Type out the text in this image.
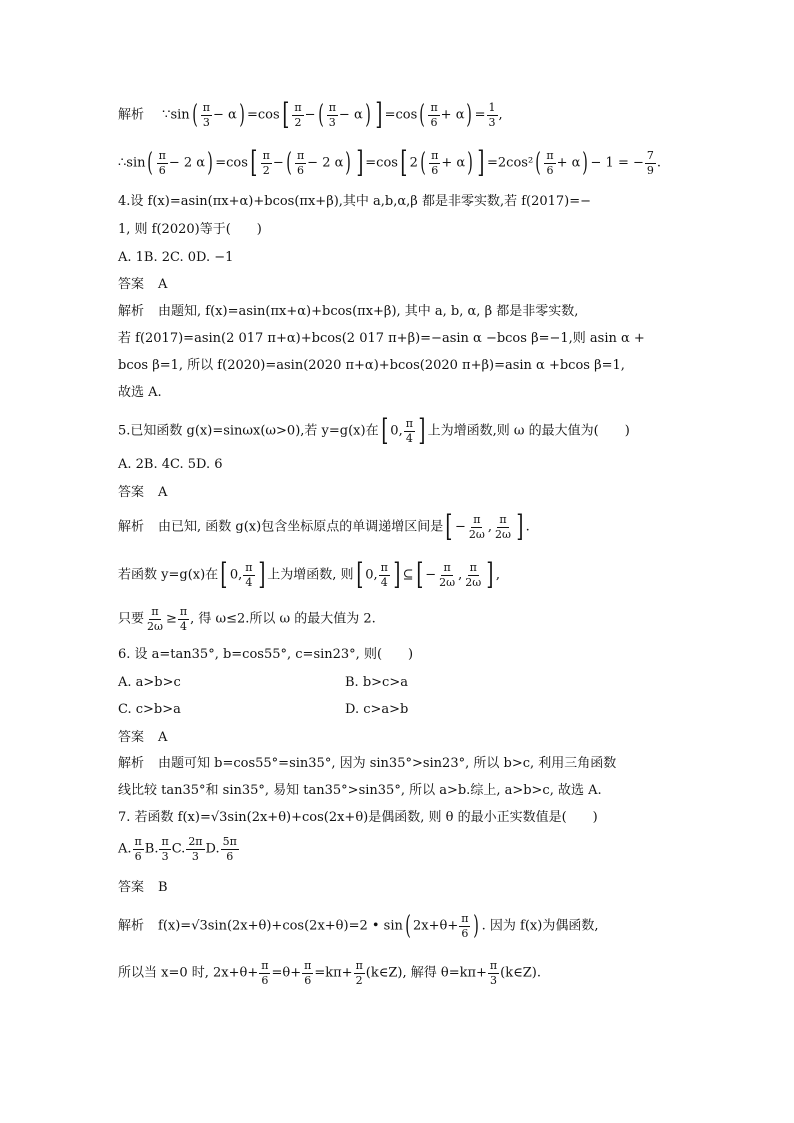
解析 ∵sin( $\frac{\pi}{3} - \alpha) =\cos[ \frac{\pi}{2}$ −( $\frac{\pi}{3} - \alpha$) ] $=\cos( \frac{\pi}{6} + \alpha) = \frac{1}{3}$ ,
∴sin( $\frac{\pi}{6} - 2$ $\alpha) =\cos[ \frac{\pi}{2}$ −( $\frac{\pi}{6} - 2$ α) ] =cos[ $2( \frac{\pi}{6} + \alpha)$ ] $=2\cos^2( \frac{\pi}{6} + \alpha) - 1$ = − $\frac{7}{9}$ .
4.设 f(x)=asin(πx+α)+bcos(πx+β),其中 a,b,α,β 都是非零实数,若 f(2017)=−
1, 则 f(2020)等于(　　)
A. 1B. 2C. 0D. −1
答案 A
解析 由题知, f(x)=asin(πx+α)+bcos(πx+β), 其中 a, b, α, β 都是非零实数,
若 f(2017)=asin(2 017 π+α)+bcos(2 017 π+β)=−asin α −bcos β=−1,则 asin α +
bcos β=1, 所以 f(2020)=asin(2020 π+α)+bcos(2020 π+β)=asin α +bcos β=1,
故选 A.
5.已知函数 g(x)=sinωx(ω>0),若 y=g(x)在[ 0, $\frac{\pi}{4}$ ] 上为增函数,则 ω 的最大值为(　　)
A. 2B. 4C. 5D. 6
答案 A
解析 由已知, 函数 g(x)包含坐标原点的单调递增区间是[ − $\frac{\pi}{2\omega}$ , $\frac{\pi}{2\omega}$ ] .
若函数 y=g(x)在[ 0, $\frac{\pi}{4}$ ] 上为增函数, 则[ 0, $\frac{\pi}{4}$ ] ⊆[ − $\frac{\pi}{2\omega}$ , $\frac{\pi}{2\omega}$ ] ,
只要 $\frac{\pi}{2\omega} \ge \frac{\pi}{4}$ , 得 ω≤2.所以 ω 的最大值为 2.
6. 设 a=tan35°, b=cos55°, c=sin23°, 则(　　)
A. a>b>c	B. b>c>a
C. c>b>a	D. c>a>b
答案 A
解析 由题可知 b=cos55°=sin35°, 因为 sin35°>sin23°, 所以 b>c, 利用三角函数
线比较 tan35°和 sin35°, 易知 tan35°>sin35°, 所以 a>b.综上, a>b>c, 故选 A.
7. 若函数 f(x)=√3sin(2x+θ)+cos(2x+θ)是偶函数, 则 θ 的最小正实数值是(　　)
A. $\frac{\pi}{6} B$. $\frac{\pi}{3} C$. $\frac{2\pi}{3} D$. $\frac{5\pi}{6}$
答案 B
解析 f(x)=√3sin(2x+θ)+cos(2x+θ)=2 • sin( $2x+\theta+ \frac{\pi}{6}$ ) . 因为 f(x)为偶函数,
所以当 x=0 时, $2x+\theta+ \frac{\pi}{6} =\theta+ \frac{\pi}{6} =k\pi+ \frac{\pi}{2}$ (k∈Z), 解得 $\theta=k\pi+ \frac{\pi}{3}$ (k∈Z).
